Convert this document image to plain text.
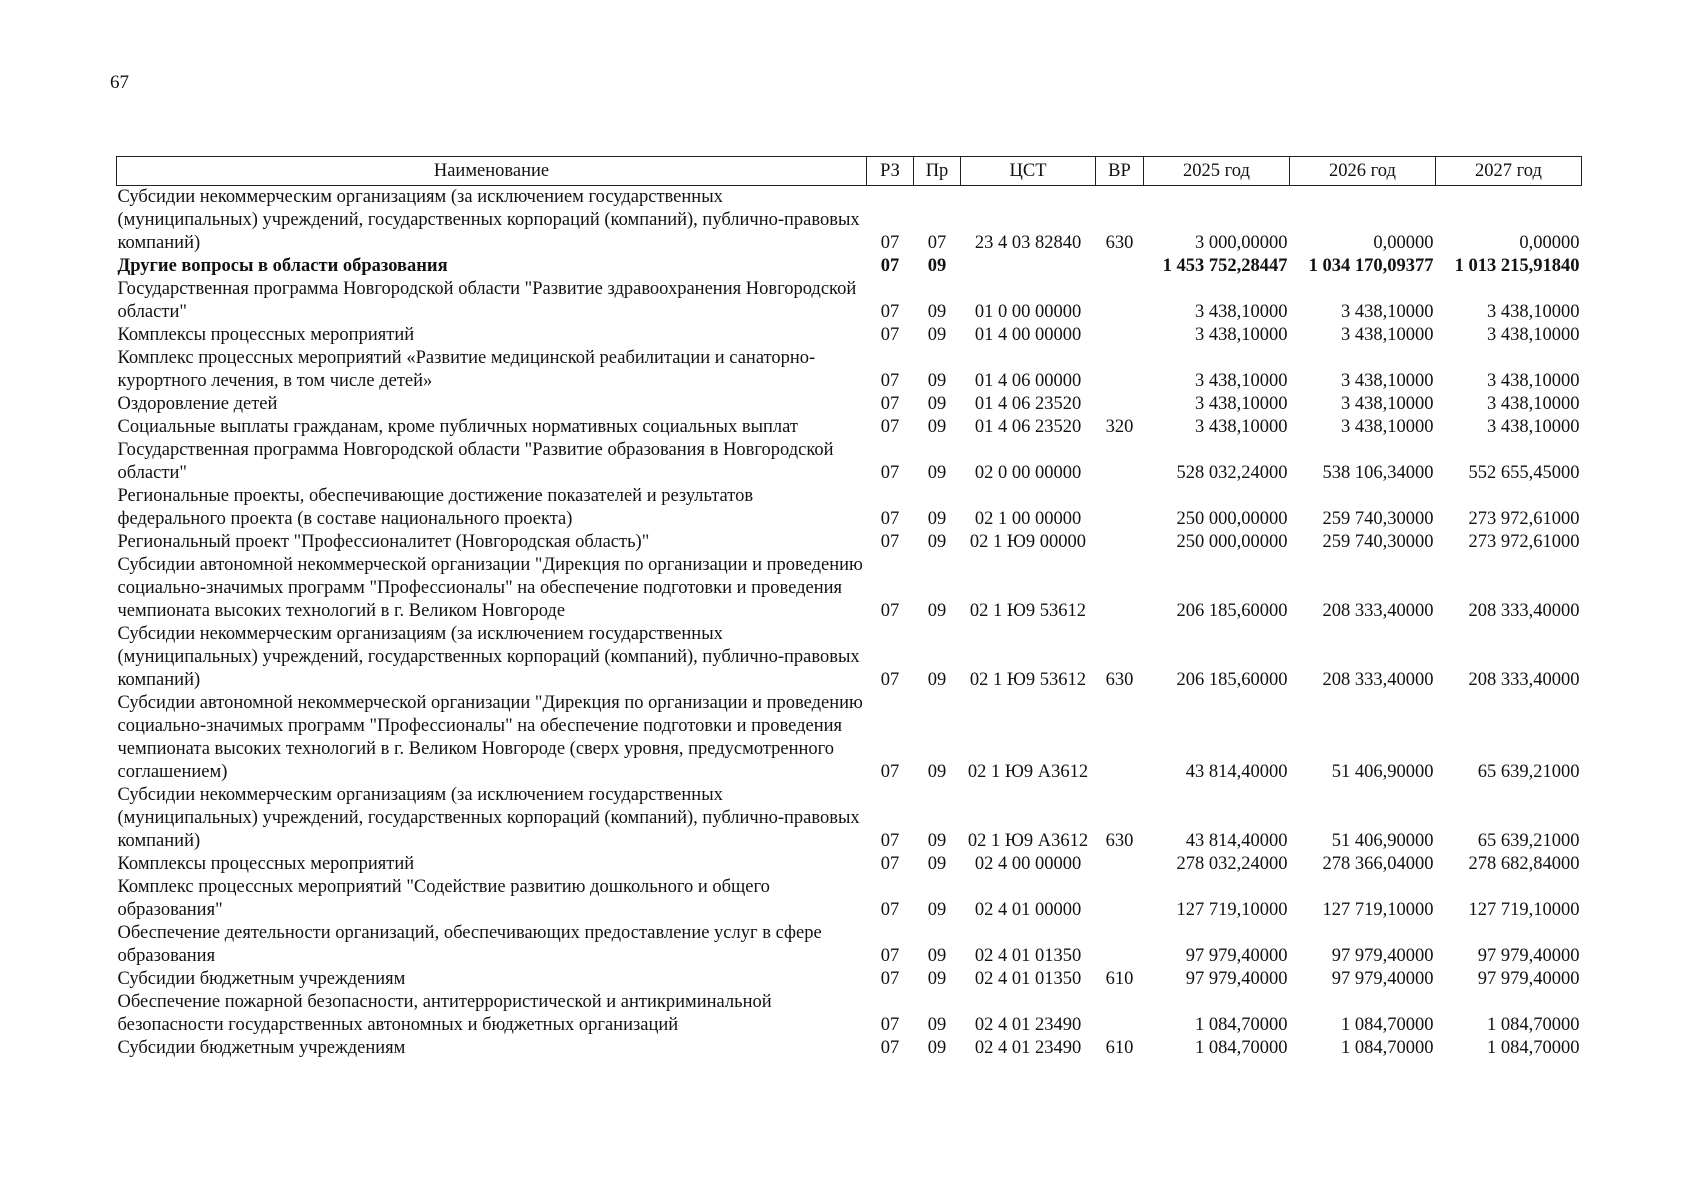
67
Наименование	РЗ	Пр	ЦСТ	ВР	2025 год	2026 год	2027 год
Субсидии некоммерческим организациям (за исключением государственных (муниципальных) учреждений, государственных корпораций (компаний), публично-правовых компаний)	07	07	23 4 03 82840	630	3 000,00000	0,00000	0,00000
Другие вопросы в области образования	07	09			1 453 752,28447	1 034 170,09377	1 013 215,91840
Государственная программа Новгородской области "Развитие здравоохранения Новгородской области"	07	09	01 0 00 00000		3 438,10000	3 438,10000	3 438,10000
Комплексы процессных мероприятий	07	09	01 4 00 00000		3 438,10000	3 438,10000	3 438,10000
Комплекс процессных мероприятий «Развитие медицинской реабилитации и санаторно-курортного лечения, в том числе детей»	07	09	01 4 06 00000		3 438,10000	3 438,10000	3 438,10000
Оздоровление детей	07	09	01 4 06 23520		3 438,10000	3 438,10000	3 438,10000
Социальные выплаты гражданам, кроме публичных нормативных социальных выплат	07	09	01 4 06 23520	320	3 438,10000	3 438,10000	3 438,10000
Государственная программа Новгородской области "Развитие образования в Новгородской области"	07	09	02 0 00 00000		528 032,24000	538 106,34000	552 655,45000
Региональные проекты, обеспечивающие достижение показателей и результатов федерального проекта (в составе национального проекта)	07	09	02 1 00 00000		250 000,00000	259 740,30000	273 972,61000
Региональный проект "Профессионалитет (Новгородская область)"	07	09	02 1 Ю9 00000		250 000,00000	259 740,30000	273 972,61000
Субсидии автономной некоммерческой организации "Дирекция по организации и проведению социально-значимых программ "Профессионалы" на обеспечение подготовки и проведения чемпионата высоких технологий в г. Великом Новгороде	07	09	02 1 Ю9 53612		206 185,60000	208 333,40000	208 333,40000
Субсидии некоммерческим организациям (за исключением государственных (муниципальных) учреждений, государственных корпораций (компаний), публично-правовых компаний)	07	09	02 1 Ю9 53612	630	206 185,60000	208 333,40000	208 333,40000
Субсидии автономной некоммерческой организации "Дирекция по организации и проведению социально-значимых программ "Профессионалы" на обеспечение подготовки и проведения чемпионата высоких технологий в г. Великом Новгороде (сверх уровня, предусмотренного соглашением)	07	09	02 1 Ю9 А3612		43 814,40000	51 406,90000	65 639,21000
Субсидии некоммерческим организациям (за исключением государственных (муниципальных) учреждений, государственных корпораций (компаний), публично-правовых компаний)	07	09	02 1 Ю9 А3612	630	43 814,40000	51 406,90000	65 639,21000
Комплексы процессных мероприятий	07	09	02 4 00 00000		278 032,24000	278 366,04000	278 682,84000
Комплекс процессных мероприятий "Содействие развитию дошкольного и общего образования"	07	09	02 4 01 00000		127 719,10000	127 719,10000	127 719,10000
Обеспечение деятельности организаций, обеспечивающих предоставление услуг в сфере образования	07	09	02 4 01 01350		97 979,40000	97 979,40000	97 979,40000
Субсидии бюджетным учреждениям	07	09	02 4 01 01350	610	97 979,40000	97 979,40000	97 979,40000
Обеспечение пожарной безопасности, антитеррористической и антикриминальной безопасности государственных автономных и бюджетных организаций	07	09	02 4 01 23490		1 084,70000	1 084,70000	1 084,70000
Субсидии бюджетным учреждениям	07	09	02 4 01 23490	610	1 084,70000	1 084,70000	1 084,70000
